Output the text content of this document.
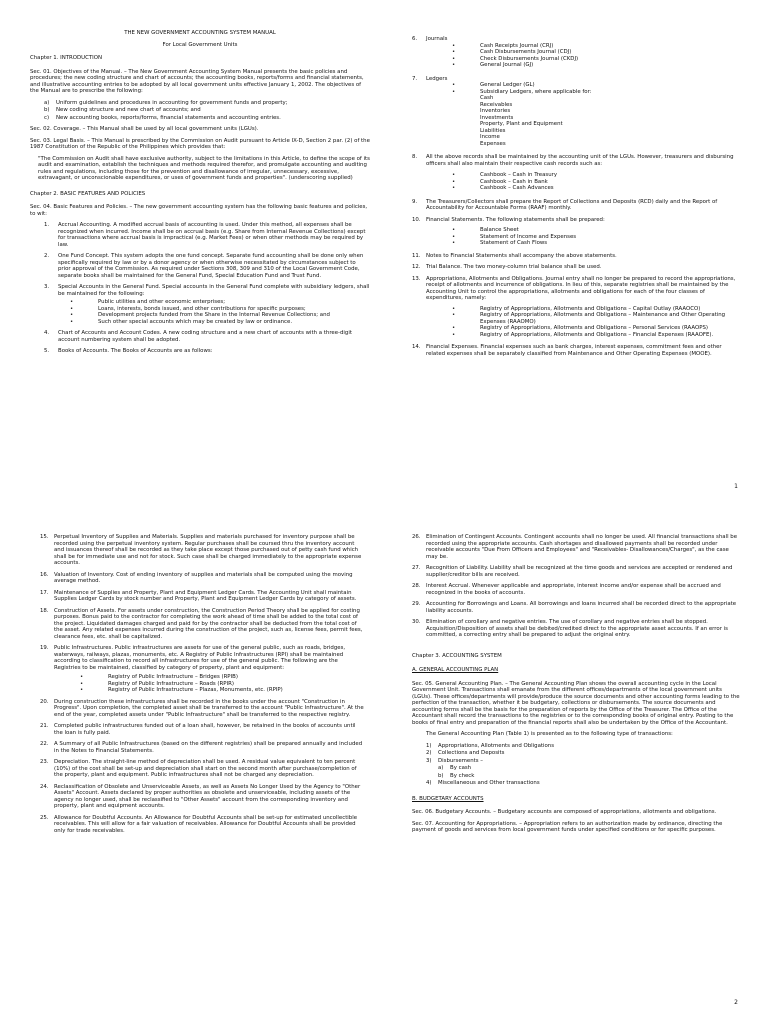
THE NEW GOVERNMENT ACCOUNTING SYSTEM MANUAL

For Local Government Units

Chapter 1. INTRODUCTION

Sec. 01. Objectives of the Manual. – The New Government Accounting System Manual presents the basic policies and procedures; the new coding structure and chart of accounts; the accounting books, reports/forms and financial statements, and illustrative accounting entries to be adopted by all local government units effective January 1, 2002. The objectives of the Manual are to prescribe the following:

a)	Uniform guidelines and procedures in accounting for government funds and property;
b)	New coding structure and new chart of accounts; and
c)	New accounting books, reports/forms, financial statements and accounting entries.

Sec. 02. Coverage. – This Manual shall be used by all local government units (LGUs).

Sec. 03. Legal Basis. – This Manual is prescribed by the Commission on Audit pursuant to Article IX-D, Section 2 par. (2) of the 1987 Constitution of the Republic of the Philippines which provides that:

"The Commission on Audit shall have exclusive authority, subject to the limitations in this Article, to define the scope of its audit and examination, establish the techniques and methods required therefor, and promulgate accounting and auditing rules and regulations, including those for the prevention and disallowance of irregular, unnecessary, excessive, extravagant, or unconscionable expenditures, or uses of government funds and properties". (underscoring supplied)

Chapter 2. BASIC FEATURES AND POLICIES

Sec. 04. Basic Features and Policies. – The new government accounting system has the following basic features and policies, to wit:

1.	Accrual Accounting. A modified accrual basis of accounting is used. Under this method, all expenses shall be recognized when incurred. Income shall be on accrual basis (e.g. Share from Internal Revenue Collections) except for transactions where accrual basis is impractical (e.g. Market Fees) or when other methods may be required by law.
2.	One Fund Concept. This system adopts the one fund concept. Separate fund accounting shall be done only when specifically required by law or by a donor agency or when otherwise necessitated by circumstances subject to prior approval of the Commission. As required under Sections 308, 309 and 310 of the Local Government Code, separate books shall be maintained for the General Fund, Special Education Fund and Trust Fund.
3.	Special Accounts in the General Fund. Special accounts in the General Fund complete with subsidiary ledgers, shall be maintained for the following:
•	Public utilities and other economic enterprises;
•	Loans, interests, bonds issued, and other contributions for specific purposes;
•	Development projects funded from the Share in the Internal Revenue Collections; and
•	Such other special accounts which may be created by law or ordinance.
4.	Chart of Accounts and Account Codes. A new coding structure and a new chart of accounts with a three-digit account numbering system shall be adopted.
5.	Books of Accounts. The Books of Accounts are as follows:
6.	Journals
•	Cash Receipts Journal (CRJ)
•	Cash Disbursements Journal (CDJ)
•	Check Disbursements Journal (CKDJ)
•	General Journal (GJ)
7.	Ledgers
•	General Ledger (GL)
•	Subsidiary Ledgers, where applicable for:
Cash
Receivables
Inventories
Investments
Property, Plant and Equipment
Liabilities
Income
Expenses
8.	All the above records shall be maintained by the accounting unit of the LGUs. However, treasurers and disbursing officers shall also maintain their respective cash records such as:
•	Cashbook – Cash in Treasury
•	Cashbook – Cash in Bank
•	Cashbook – Cash Advances
9.	The Treasurers/Collectors shall prepare the Report of Collections and Deposits (RCD) daily and the Report of Accountability for Accountable Forms (RAAF) monthly.
10.	Financial Statements. The following statements shall be prepared:
•	Balance Sheet
•	Statement of Income and Expenses
•	Statement of Cash Flows
11.	Notes to Financial Statements shall accompany the above statements.
12.	Trial Balance. The two money-column trial balance shall be used.
13.	Appropriations, Allotments and Obligations. Journal entry shall no longer be prepared to record the appropriations, receipt of allotments and incurrence of obligations. In lieu of this, separate registries shall be maintained by the Accounting Unit to control the appropriations, allotments and obligations for each of the four classes of expenditures, namely:
•	Registry of Appropriations, Allotments and Obligations – Capital Outlay (RAAOCO)
•	Registry of Appropriations, Allotments and Obligations – Maintenance and Other Operating Expenses (RAAOMO)
•	Registry of Appropriations, Allotments and Obligations – Personal Services (RAAOPS)
•	Registry of Appropriations, Allotments and Obligations – Financial Expenses (RAAOFE).
14.	Financial Expenses. Financial expenses such as bank charges, interest expenses, commitment fees and other related expenses shall be separately classified from Maintenance and Other Operating Expenses (MOOE).
1
15.	Perpetual Inventory of Supplies and Materials. Supplies and materials purchased for inventory purpose shall be recorded using the perpetual inventory system. Regular purchases shall be coursed thru the inventory account and issuances thereof shall be recorded as they take place except those purchased out of petty cash fund which shall be for immediate use and not for stock. Such case shall be charged immediately to the appropriate expense accounts.
16.	Valuation of Inventory. Cost of ending inventory of supplies and materials shall be computed using the moving average method.
17.	Maintenance of Supplies and Property, Plant and Equipment Ledger Cards. The Accounting Unit shall maintain Supplies Ledger Cards by stock number and Property, Plant and Equipment Ledger Cards by category of assets.
18.	Construction of Assets. For assets under construction, the Construction Period Theory shall be applied for costing purposes. Bonus paid to the contractor for completing the work ahead of time shall be added to the total cost of the project. Liquidated damages charged and paid for by the contractor shall be deducted from the total cost of the asset. Any related expenses incurred during the construction of the project, such as, license fees, permit fees, clearance fees, etc. shall be capitalized.
19.	Public Infrastructures. Public infrastructures are assets for use of the general public, such as roads, bridges, waterways, railways, plazas, monuments, etc. A Registry of Public Infrastructures (RPI) shall be maintained according to classification to record all infrastructures for use of the general public. The following are the Registries to be maintained, classified by category of property, plant and equipment:
•	Registry of Public Infrastructure – Bridges (RPIB)
•	Registry of Public Infrastructure – Roads (RPIR)
•	Registry of Public Infrastructure – Plazas, Monuments, etc. (RPIP)
20.	During construction these infrastructures shall be recorded in the books under the account "Construction in Progress". Upon completion, the completed asset shall be transferred to the account "Public Infrastructure". At the end of the year, completed assets under "Public Infrastructure" shall be transferred to the respective registry.
21.	Completed public infrastructures funded out of a loan shall, however, be retained in the books of accounts until the loan is fully paid.
22.	A Summary of all Public Infrastructures (based on the different registries) shall be prepared annually and included in the Notes to Financial Statements.
23.	Depreciation. The straight-line method of depreciation shall be used. A residual value equivalent to ten percent (10%) of the cost shall be set-up and depreciation shall start on the second month after purchase/completion of the property, plant and equipment. Public infrastructures shall not be charged any depreciation.
24.	Reclassification of Obsolete and Unserviceable Assets, as well as Assets No Longer Used by the Agency to "Other Assets" Account. Assets declared by proper authorities as obsolete and unserviceable, including assets of the agency no longer used, shall be reclassified to "Other Assets" account from the corresponding inventory and property, plant and equipment accounts.
25.	Allowance for Doubtful Accounts. An Allowance for Doubtful Accounts shall be set-up for estimated uncollectible receivables. This will allow for a fair valuation of receivables. Allowance for Doubtful Accounts shall be provided only for trade receivables.
26.	Elimination of Contingent Accounts. Contingent accounts shall no longer be used. All financial transactions shall be recorded using the appropriate accounts. Cash shortages and disallowed payments shall be recorded under receivable accounts "Due From Officers and Employees" and "Receivables- Disallowances/Charges", as the case may be.
27.	Recognition of Liability. Liability shall be recognized at the time goods and services are accepted or rendered and supplier/creditor bills are received.
28.	Interest Accrual. Whenever applicable and appropriate, interest income and/or expense shall be accrued and recognized in the books of accounts.
29.	Accounting for Borrowings and Loans. All borrowings and loans incurred shall be recorded direct to the appropriate liability accounts.
30.	Elimination of corollary and negative entries. The use of corollary and negative entries shall be stopped. Acquisition/Disposition of assets shall be debited/credited direct to the appropriate asset accounts. If an error is committed, a correcting entry shall be prepared to adjust the original entry.

Chapter 3. ACCOUNTING SYSTEM

A. GENERAL ACCOUNTING PLAN

Sec. 05. General Accounting Plan. – The General Accounting Plan shows the overall accounting cycle in the Local Government Unit. Transactions shall emanate from the different offices/departments of the local government units (LGUs). These offices/departments will provide/produce the source documents and other accounting forms leading to the perfection of the transaction, whether it be budgetary, collections or disbursements. The source documents and accounting forms shall be the basis for the preparation of reports by the Office of the Treasurer. The Office of the Accountant shall record the transactions to the registries or to the corresponding books of original entry. Posting to the books of final entry and preparation of the financial reports shall also be undertaken by the Office of the Accountant.

The General Accounting Plan (Table 1) is presented as to the following type of transactions:

1)	Appropriations, Allotments and Obligations
2)	Collections and Deposits
3)	Disbursements –
a)	By cash
b)	By check
4)	Miscellaneous and Other transactions

B. BUDGETARY ACCOUNTS

Sec. 06. Budgetary Accounts. – Budgetary accounts are composed of appropriations, allotments and obligations.

Sec. 07. Accounting for Appropriations. – Appropriation refers to an authorization made by ordinance, directing the payment of goods and services from local government funds under specified conditions or for specific purposes.

2
